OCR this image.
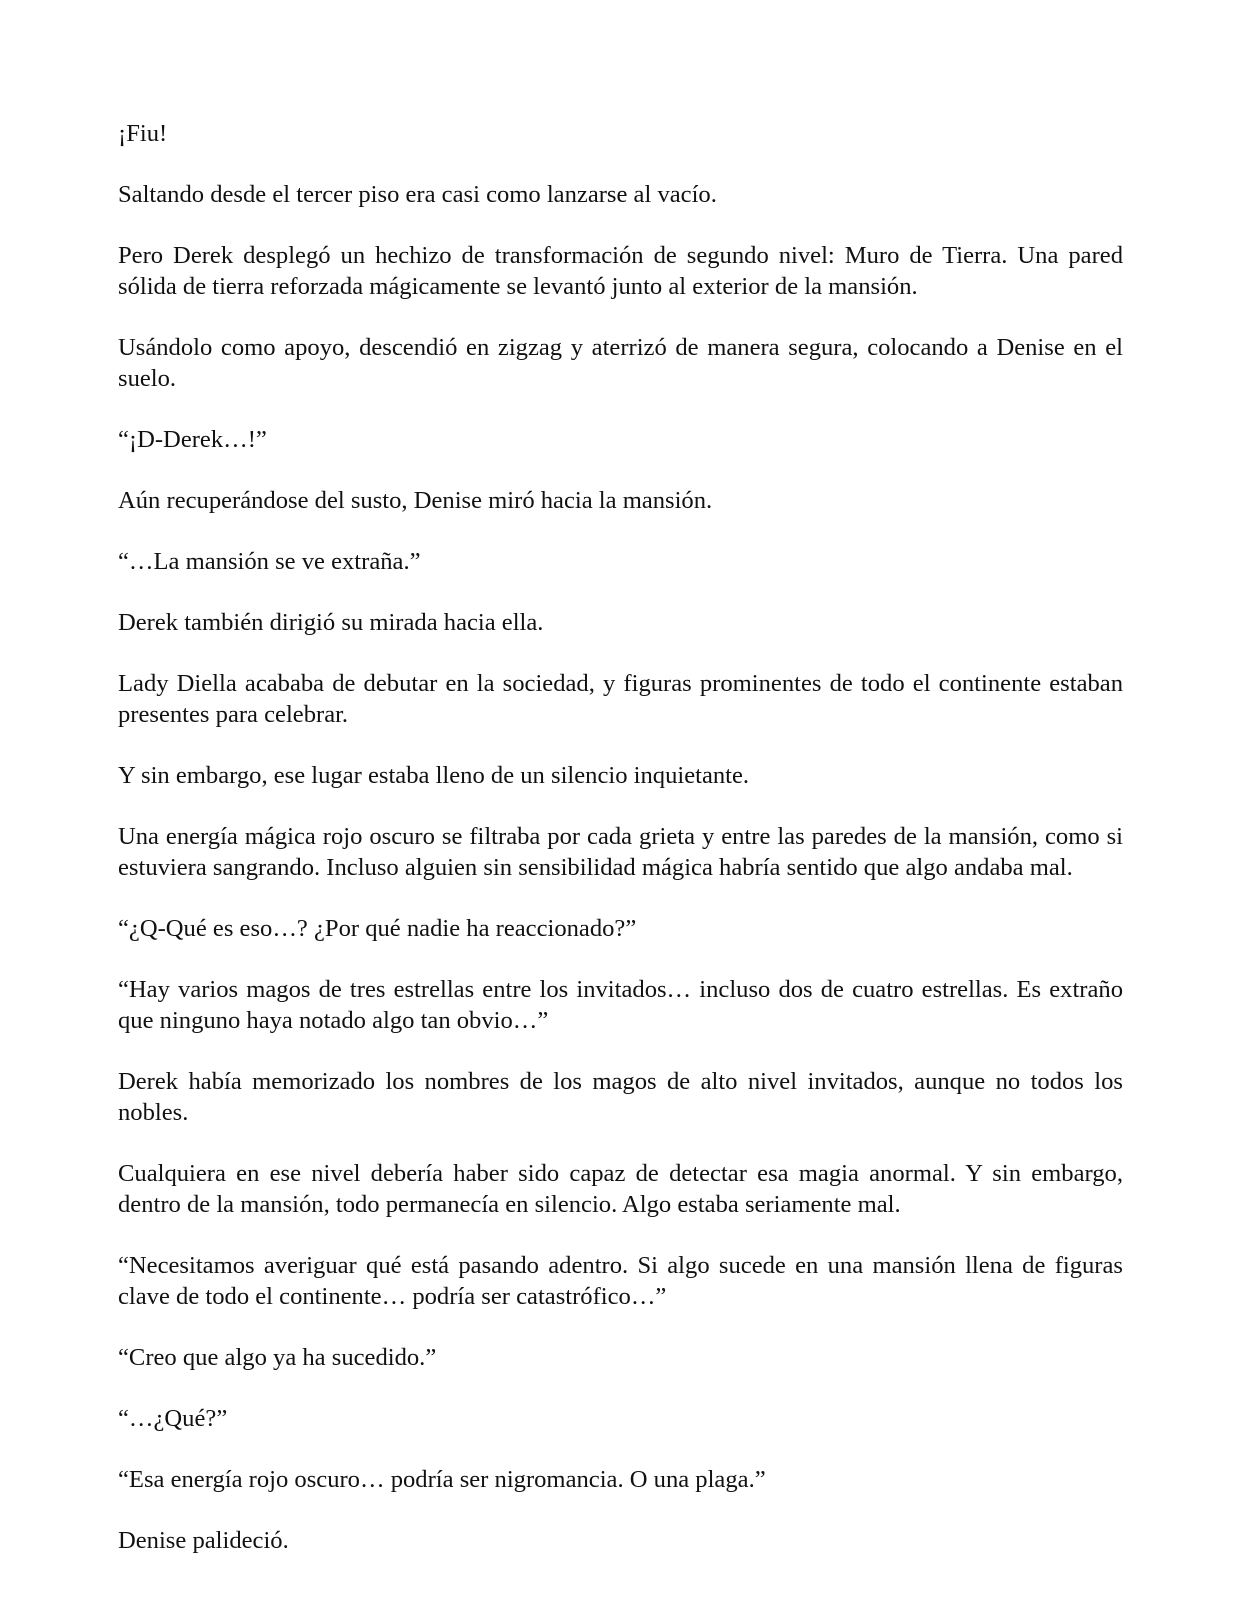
¡Fiu!

Saltando desde el tercer piso era casi como lanzarse al vacío.

Pero Derek desplegó un hechizo de transformación de segundo nivel: Muro de Tierra. Una pared sólida de tierra reforzada mágicamente se levantó junto al exterior de la mansión.

Usándolo como apoyo, descendió en zigzag y aterrizó de manera segura, colocando a Denise en el suelo.

“¡D-Derek…!”

Aún recuperándose del susto, Denise miró hacia la mansión.

“…La mansión se ve extraña.”

Derek también dirigió su mirada hacia ella.

Lady Diella acababa de debutar en la sociedad, y figuras prominentes de todo el continente estaban presentes para celebrar.

Y sin embargo, ese lugar estaba lleno de un silencio inquietante.

Una energía mágica rojo oscuro se filtraba por cada grieta y entre las paredes de la mansión, como si estuviera sangrando. Incluso alguien sin sensibilidad mágica habría sentido que algo andaba mal.

“¿Q-Qué es eso…? ¿Por qué nadie ha reaccionado?”

“Hay varios magos de tres estrellas entre los invitados… incluso dos de cuatro estrellas. Es extraño que ninguno haya notado algo tan obvio…”

Derek había memorizado los nombres de los magos de alto nivel invitados, aunque no todos los nobles.

Cualquiera en ese nivel debería haber sido capaz de detectar esa magia anormal. Y sin embargo, dentro de la mansión, todo permanecía en silencio. Algo estaba seriamente mal.

“Necesitamos averiguar qué está pasando adentro. Si algo sucede en una mansión llena de figuras clave de todo el continente… podría ser catastrófico…”

“Creo que algo ya ha sucedido.”

“…¿Qué?”

“Esa energía rojo oscuro… podría ser nigromancia. O una plaga.”

Denise palideció.
